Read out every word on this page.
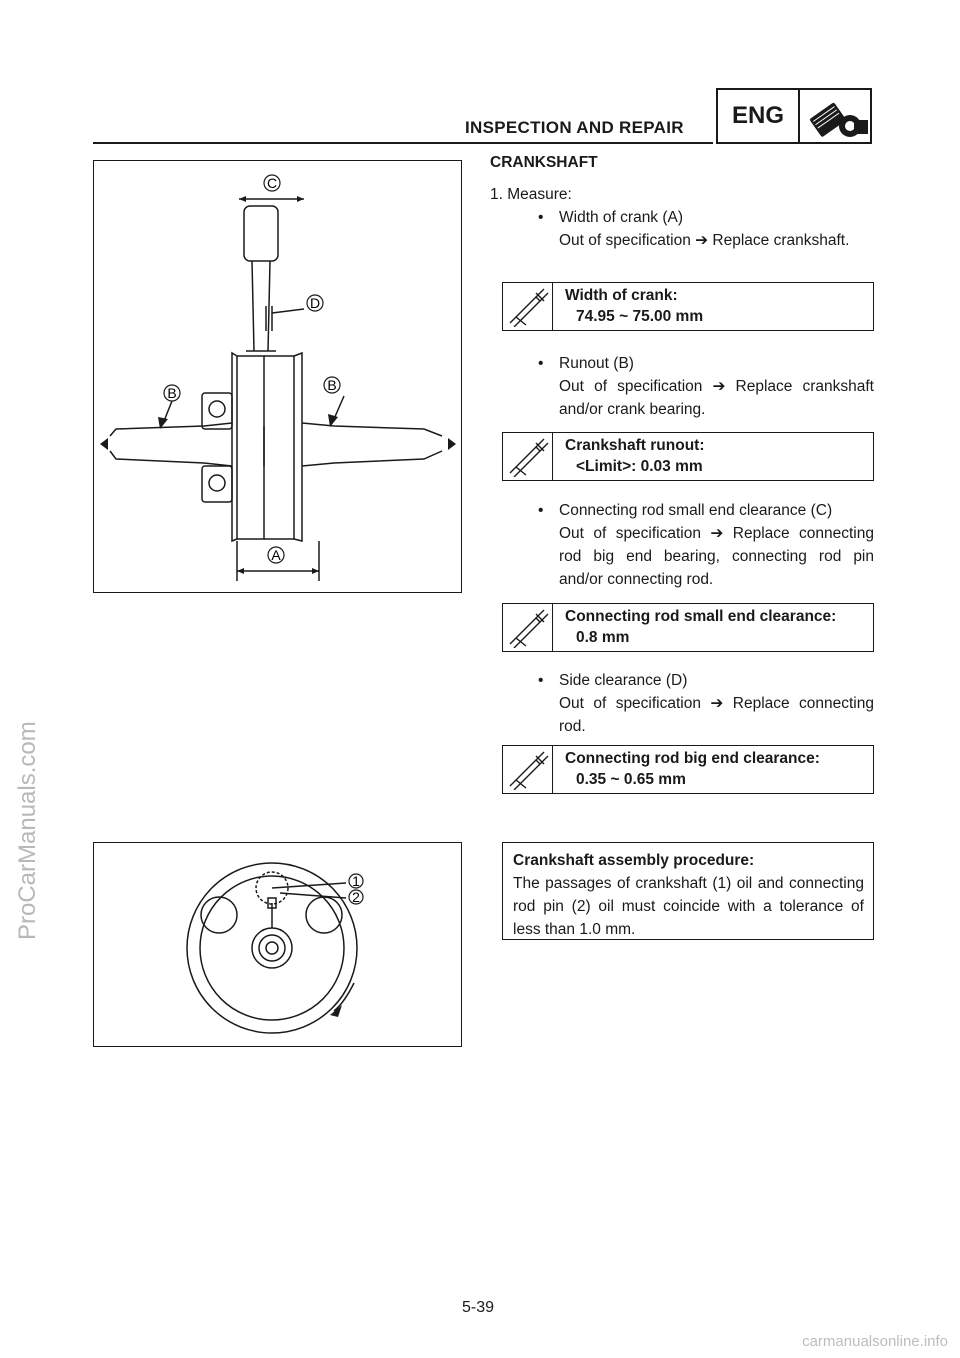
ProCarManuals.com
carmanualsonline.info
INSPECTION AND REPAIR	ENG
A
B	B
C
D
1
2
CRANKSHAFT
1. Measure:
• Width of crank (A)
Out of specification ➔ Replace crankshaft.
Width of crank:
74.95 ~ 75.00 mm
• Runout (B)
Out of specification ➔ Replace crankshaft and/or crank bearing.
Crankshaft runout:
<Limit>: 0.03 mm
• Connecting rod small end clearance (C)
Out of specification ➔ Replace connecting rod big end bearing, connecting rod pin and/or connecting rod.
Connecting rod small end clearance:
0.8 mm
• Side clearance (D)
Out of specification ➔ Replace connecting rod.
Connecting rod big end clearance:
0.35 ~ 0.65 mm
Crankshaft assembly procedure:
The passages of crankshaft (1) oil and connecting rod pin (2) oil must coincide with a tolerance of less than 1.0 mm.
5-39
